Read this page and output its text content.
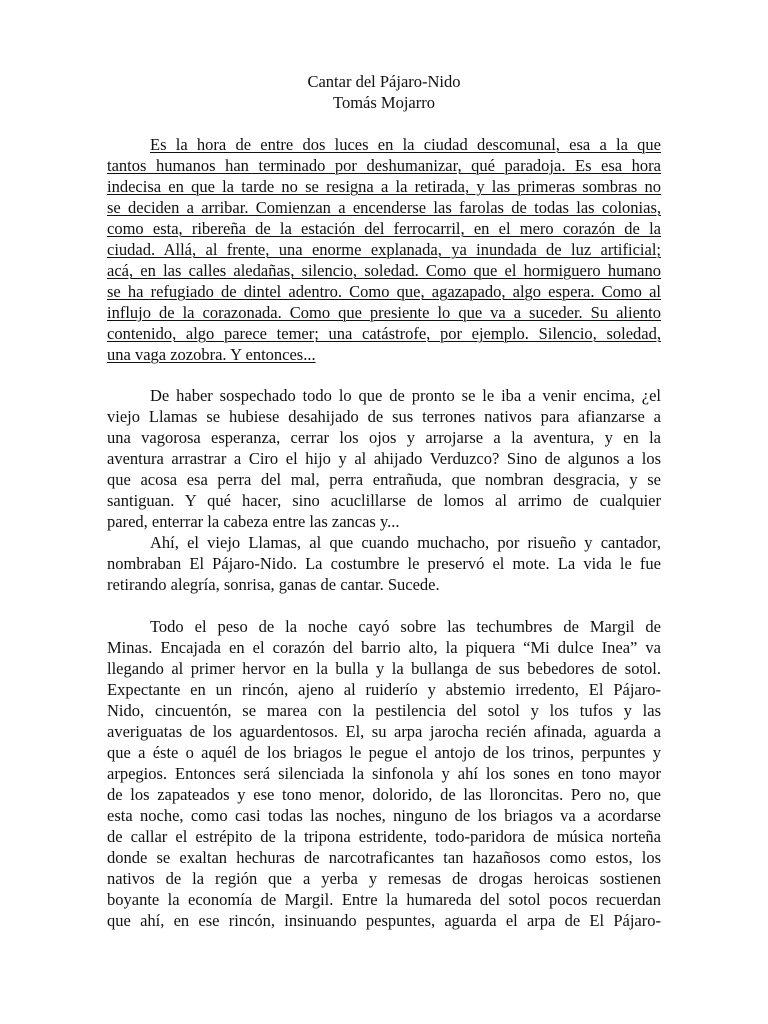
Cantar del Pájaro-Nido
Tomás Mojarro
Es la hora de entre dos luces en la ciudad descomunal, esa a la que
tantos humanos han terminado por deshumanizar, qué paradoja. Es esa hora
indecisa en que la tarde no se resigna a la retirada, y las primeras sombras no
se deciden a arribar. Comienzan a encenderse las farolas de todas las colonias,
como esta, ribereña de la estación del ferrocarril, en el mero corazón de la
ciudad. Allá, al frente, una enorme explanada, ya inundada de luz artificial;
acá, en las calles aledañas, silencio, soledad. Como que el hormiguero humano
se ha refugiado de dintel adentro. Como que, agazapado, algo espera. Como al
influjo de la corazonada. Como que presiente lo que va a suceder. Su aliento
contenido, algo parece temer; una catástrofe, por ejemplo. Silencio, soledad,
una vaga zozobra. Y entonces...
De haber sospechado todo lo que de pronto se le iba a venir encima, ¿el
viejo Llamas se hubiese desahijado de sus terrones nativos para afianzarse a
una vagorosa esperanza, cerrar los ojos y arrojarse a la aventura, y en la
aventura arrastrar a Ciro el hijo y al ahijado Verduzco? Sino de algunos a los
que acosa esa perra del mal, perra entrañuda, que nombran desgracia, y se
santiguan. Y qué hacer, sino acuclillarse de lomos al arrimo de cualquier
pared, enterrar la cabeza entre las zancas y...
Ahí, el viejo Llamas, al que cuando muchacho, por risueño y cantador,
nombraban El Pájaro-Nido. La costumbre le preservó el mote. La vida le fue
retirando alegría, sonrisa, ganas de cantar. Sucede.
Todo el peso de la noche cayó sobre las techumbres de Margil de
Minas. Encajada en el corazón del barrio alto, la piquera “Mi dulce Inea” va
llegando al primer hervor en la bulla y la bullanga de sus bebedores de sotol.
Expectante en un rincón, ajeno al ruiderío y abstemio irredento, El Pájaro-
Nido, cincuentón, se marea con la pestilencia del sotol y los tufos y las
averiguatas de los aguardentosos. El, su arpa jarocha recién afinada, aguarda a
que a éste o aquél de los briagos le pegue el antojo de los trinos, perpuntes y
arpegios. Entonces será silenciada la sinfonola y ahí los sones en tono mayor
de los zapateados y ese tono menor, dolorido, de las lloroncitas. Pero no, que
esta noche, como casi todas las noches, ninguno de los briagos va a acordarse
de callar el estrépito de la tripona estridente, todo-paridora de música norteña
donde se exaltan hechuras de narcotraficantes tan hazañosos como estos, los
nativos de la región que a yerba y remesas de drogas heroicas sostienen
boyante la economía de Margil. Entre la humareda del sotol pocos recuerdan
que ahí, en ese rincón, insinuando pespuntes, aguarda el arpa de El Pájaro-
